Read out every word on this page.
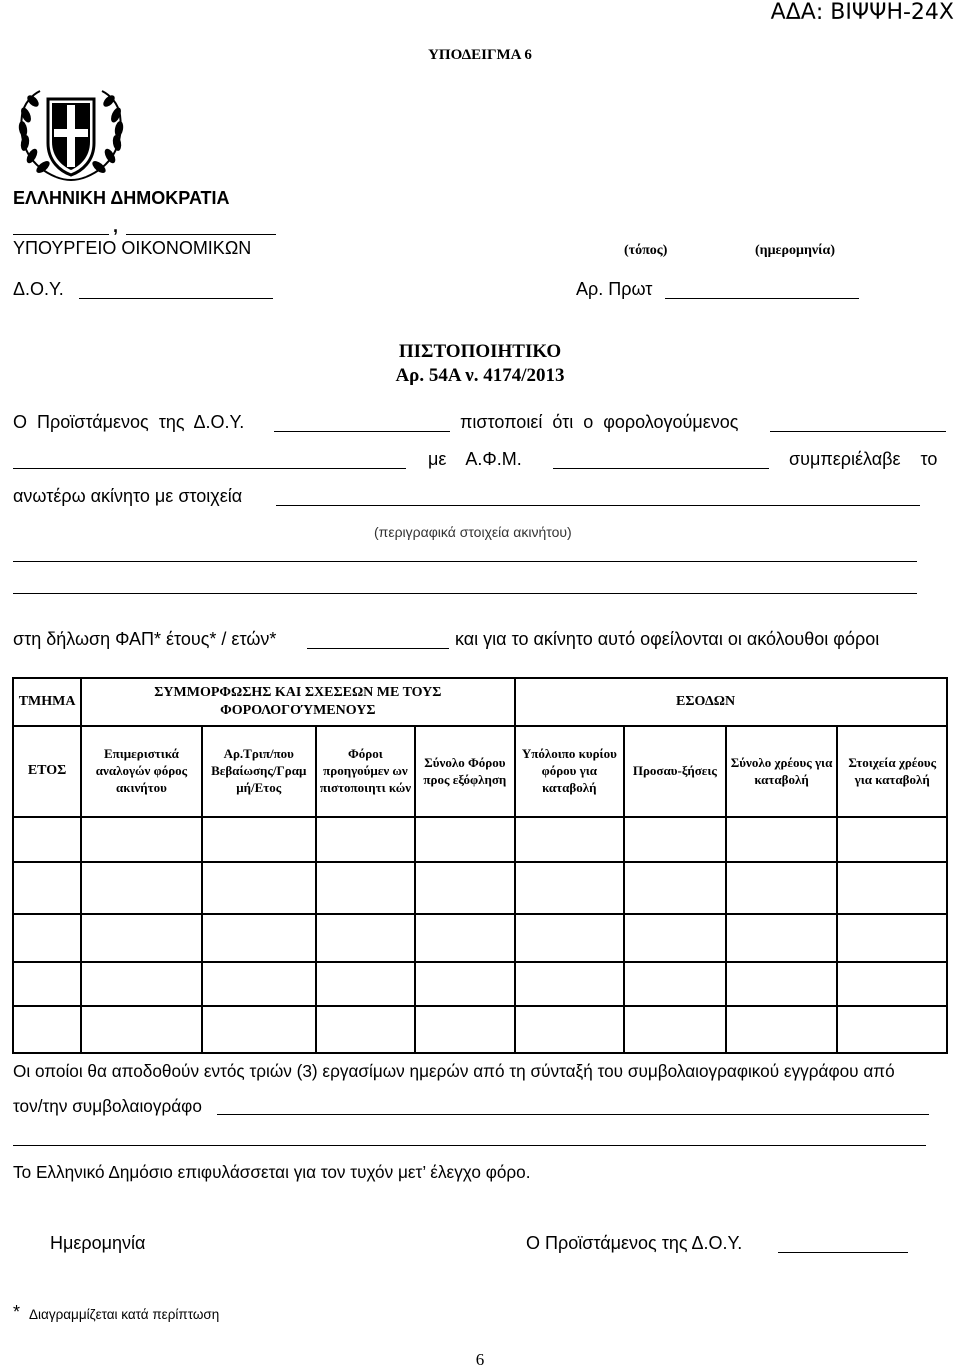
ΑΔΑ: ΒΙΨΨΗ-24Χ
ΥΠΟΔΕΙΓΜΑ 6
ΕΛΛΗΝΙΚΗ ΔΗΜΟΚΡΑΤΙΑ
,
ΥΠΟΥΡΓΕΙΟ ΟΙΚΟΝΟΜΙΚΩΝ	(τόπος)	(ημερομηνία)
Δ.Ο.Υ.	Αρ. Πρωτ
ΠΙΣΤΟΠΟΙΗΤΙΚΟ
Αρ. 54Α ν. 4174/2013
Ο  Προϊστάμενος  της  Δ.Ο.Υ.	πιστοποιεί  ότι  ο  φορολογούμενος
με    Α.Φ.Μ.	συμπεριέλαβε    το
ανωτέρω ακίνητο με στοιχεία
(περιγραφικά στοιχεία ακινήτου)
στη δήλωση ΦΑΠ* έτους* / ετών*	και για το ακίνητο αυτό οφείλονται οι ακόλουθοι φόροι
ΤΜΗΜΑ	ΣΥΜΜΟΡΦΩΣΗΣ ΚΑΙ ΣΧΕΣΕΩΝ ΜΕ ΤΟΥΣ ΦΟΡΟΛΟΓΟΎΜΕΝΟΥΣ					ΕΣΟΔΩΝ		
ΕΤΟΣ	Επιμεριστικά αναλογών φόρος ακινήτου	Αρ.Τριπ/που Βεβαίωσης/Γραμ μή/Ετος	Φόροι προηγούμεν ων πιστοποιητι κών	Σύνολο Φόρου προς εξόφληση	Υπόλοιπο κυρίου φόρου για καταβολή	Προσαυ-ξήσεις	Σύνολο χρέους για καταβολή	Στοιχεία χρέους για καταβολή

Οι οποίοι θα αποδοθούν εντός τριών (3) εργασίμων ημερών από τη σύνταξή του συμβολαιογραφικού εγγράφου από
τον/την συμβολαιογράφο
Το Ελληνικό Δημόσιο επιφυλάσσεται για τον τυχόν μετ’ έλεγχο φόρο.
Ημερομηνία	Ο Προϊστάμενος της Δ.Ο.Υ.
* Διαγραμμίζεται κατά περίπτωση
6
